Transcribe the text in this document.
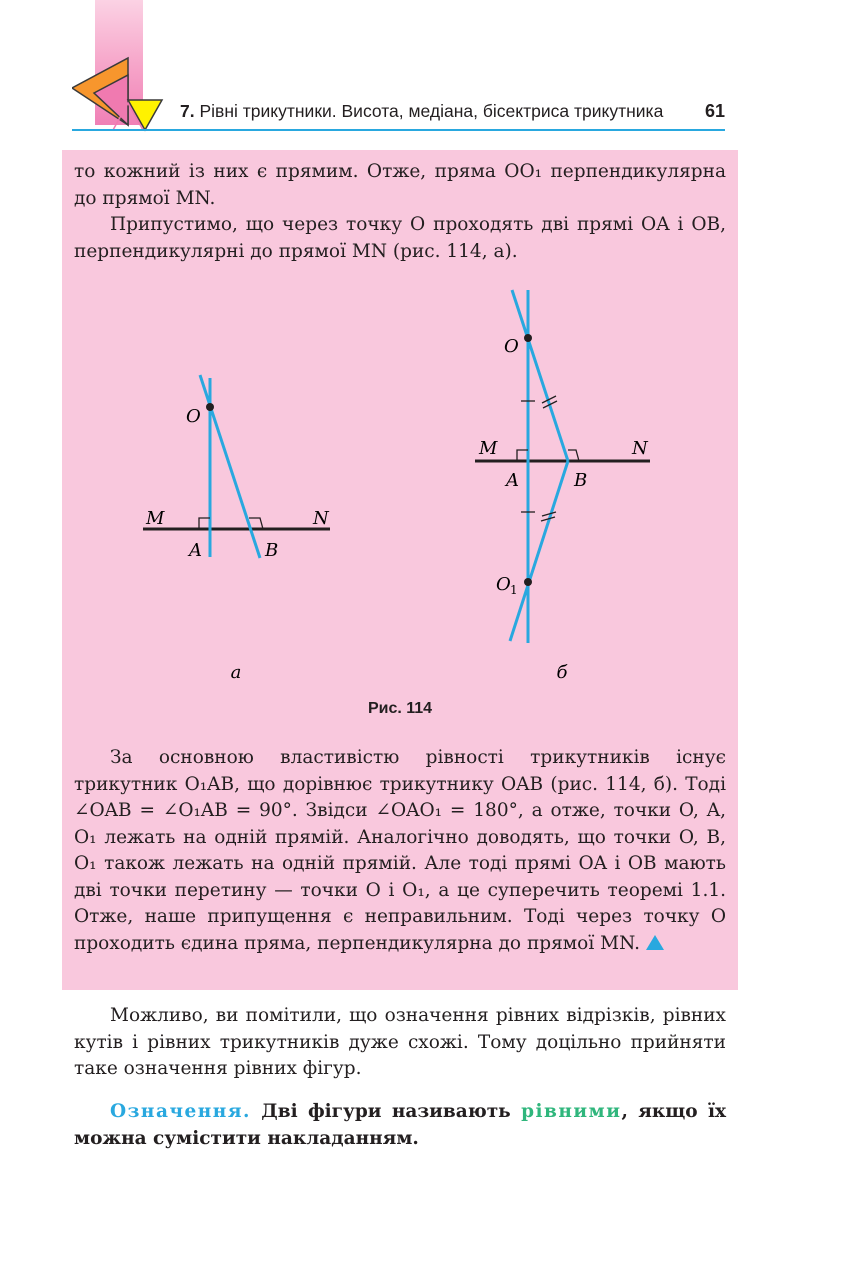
7. Рівні трикутники. Висота, медіана, бісектриса трикутника 61
то кожний із них є прямим. Отже, пряма OO₁ перпендикулярна до прямої MN.
Припустимо, що через точку O проходять дві прямі OA і OB, перпендикулярні до прямої MN (рис. 114, а).
O
M	N
A	B
O
M	N
A	B
O 1
а	б
Рис. 114
За основною властивістю рівності трикутників існує трикутник O₁AB, що дорівнює трикутнику OAB (рис. 114, б). Тоді ∠OAB = ∠O₁AB = 90°. Звідси ∠OAO₁ = 180°, а отже, точки O, A, O₁ лежать на одній прямій. Аналогічно доводять, що точки O, B, O₁ також лежать на одній прямій. Але тоді прямі OA і OB мають дві точки перетину — точки O і O₁, а це суперечить теоремі 1.1. Отже, наше припущення є неправильним. Тоді через точку O проходить єдина пряма, перпендикулярна до прямої MN.
Можливо, ви помітили, що означення рівних відрізків, рівних кутів і рівних трикутників дуже схожі. Тому доцільно прийняти таке означення рівних фігур.
Означення. Дві фігури називають рівними, якщо їх можна сумістити накладанням.
